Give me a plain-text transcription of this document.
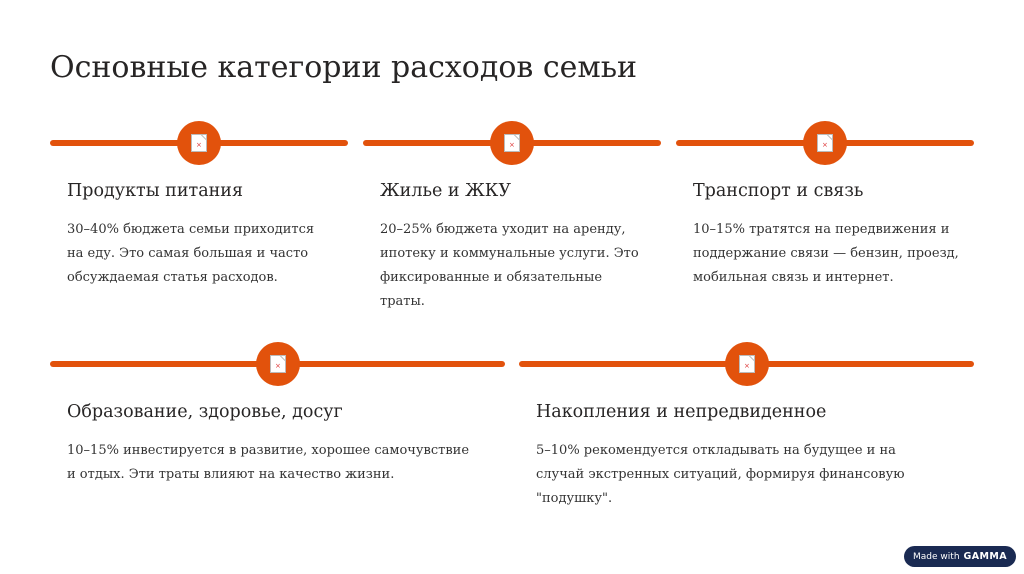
Основные категории расходов семьи
×
Продукты питания
30–40% бюджета семьи приходится на еду. Это самая большая и часто обсуждаемая статья расходов.
×
Жилье и ЖКУ
20–25% бюджета уходит на аренду, ипотеку и коммунальные услуги. Это фиксированные и обязательные траты.
×
Транспорт и связь
10–15% тратятся на передвижения и поддержание связи — бензин, проезд, мобильная связь и интернет.
×
Образование, здоровье, досуг
10–15% инвестируется в развитие, хорошее самочувствие и отдых. Эти траты влияют на качество жизни.
×
Накопления и непредвиденное
5–10% рекомендуется откладывать на будущее и на случай экстренных ситуаций, формируя финансовую "подушку".
Made with GAMMA
